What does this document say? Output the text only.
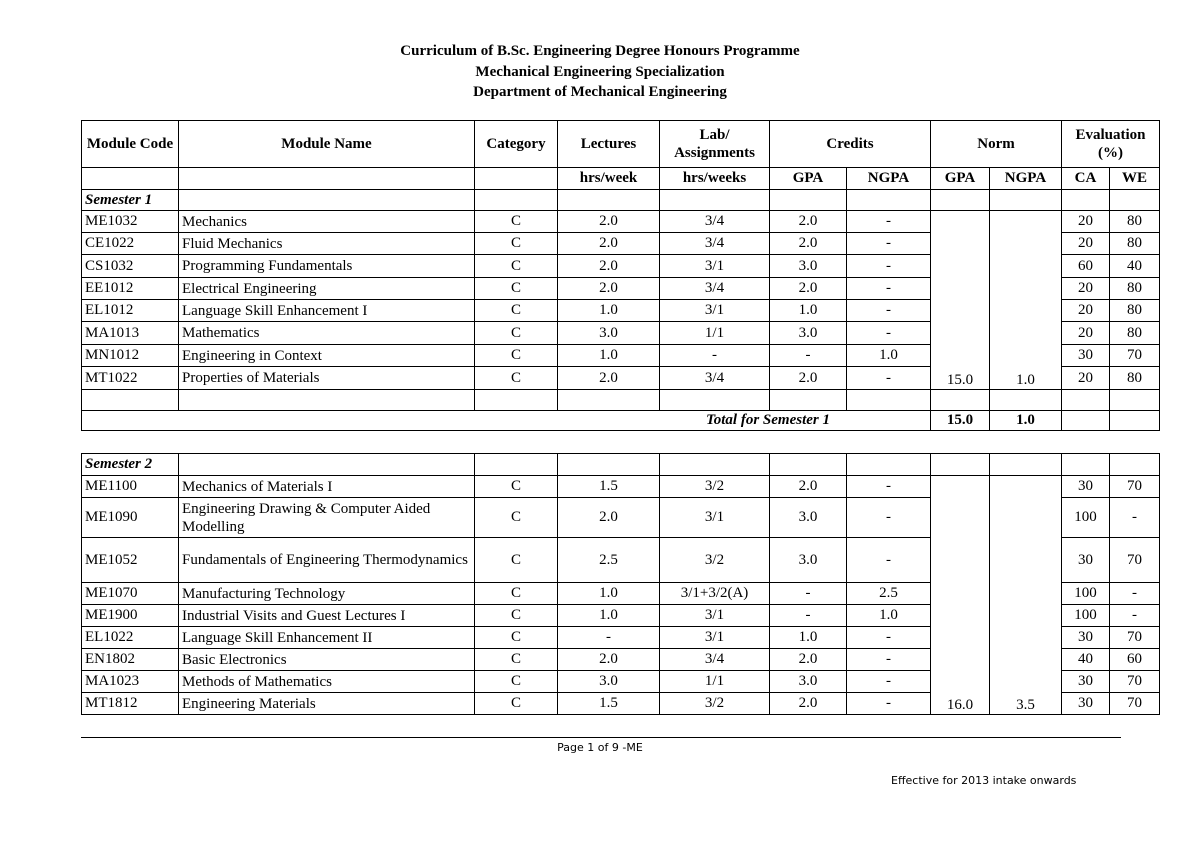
Curriculum of B.Sc. Engineering Degree Honours Programme
Mechanical Engineering Specialization
Department of Mechanical Engineering
Module Code	Module Name	Category	Lectures	Lab/ Assignments	Credits		Norm		Evaluation (%)	
			hrs/week	hrs/weeks	GPA	NGPA	GPA	NGPA	CA	WE
Semester 1										
ME1032	Mechanics	C	2.0	3/4	2.0	-	15.0	1.0	20	80
CE1022	Fluid Mechanics	C	2.0	3/4	2.0	-			20	80
CS1032	Programming Fundamentals	C	2.0	3/1	3.0	-			60	40
EE1012	Electrical Engineering	C	2.0	3/4	2.0	-			20	80
EL1012	Language Skill Enhancement I	C	1.0	3/1	1.0	-			20	80
MA1013	Mathematics	C	3.0	1/1	3.0	-			20	80
MN1012	Engineering in Context	C	1.0	-	-	1.0			30	70
MT1022	Properties of Materials	C	2.0	3/4	2.0	-			20	80

Total for Semester 1							15.0	1.0		
Semester 2										
ME1100	Mechanics of Materials I	C	1.5	3/2	2.0	-	16.0	3.5	30	70
ME1090	Engineering Drawing & Computer Aided Modelling	C	2.0	3/1	3.0	-			100	-
ME1052	Fundamentals of Engineering Thermodynamics	C	2.5	3/2	3.0	-			30	70
ME1070	Manufacturing Technology	C	1.0	3/1+3/2(A)	-	2.5			100	-
ME1900	Industrial Visits and Guest Lectures I	C	1.0	3/1	-	1.0			100	-
EL1022	Language Skill Enhancement II	C	-	3/1	1.0	-			30	70
EN1802	Basic Electronics	C	2.0	3/4	2.0	-			40	60
MA1023	Methods of Mathematics	C	3.0	1/1	3.0	-			30	70
MT1812	Engineering Materials	C	1.5	3/2	2.0	-			30	70
Page 1 of 9 -ME
Effective for 2013 intake onwards
